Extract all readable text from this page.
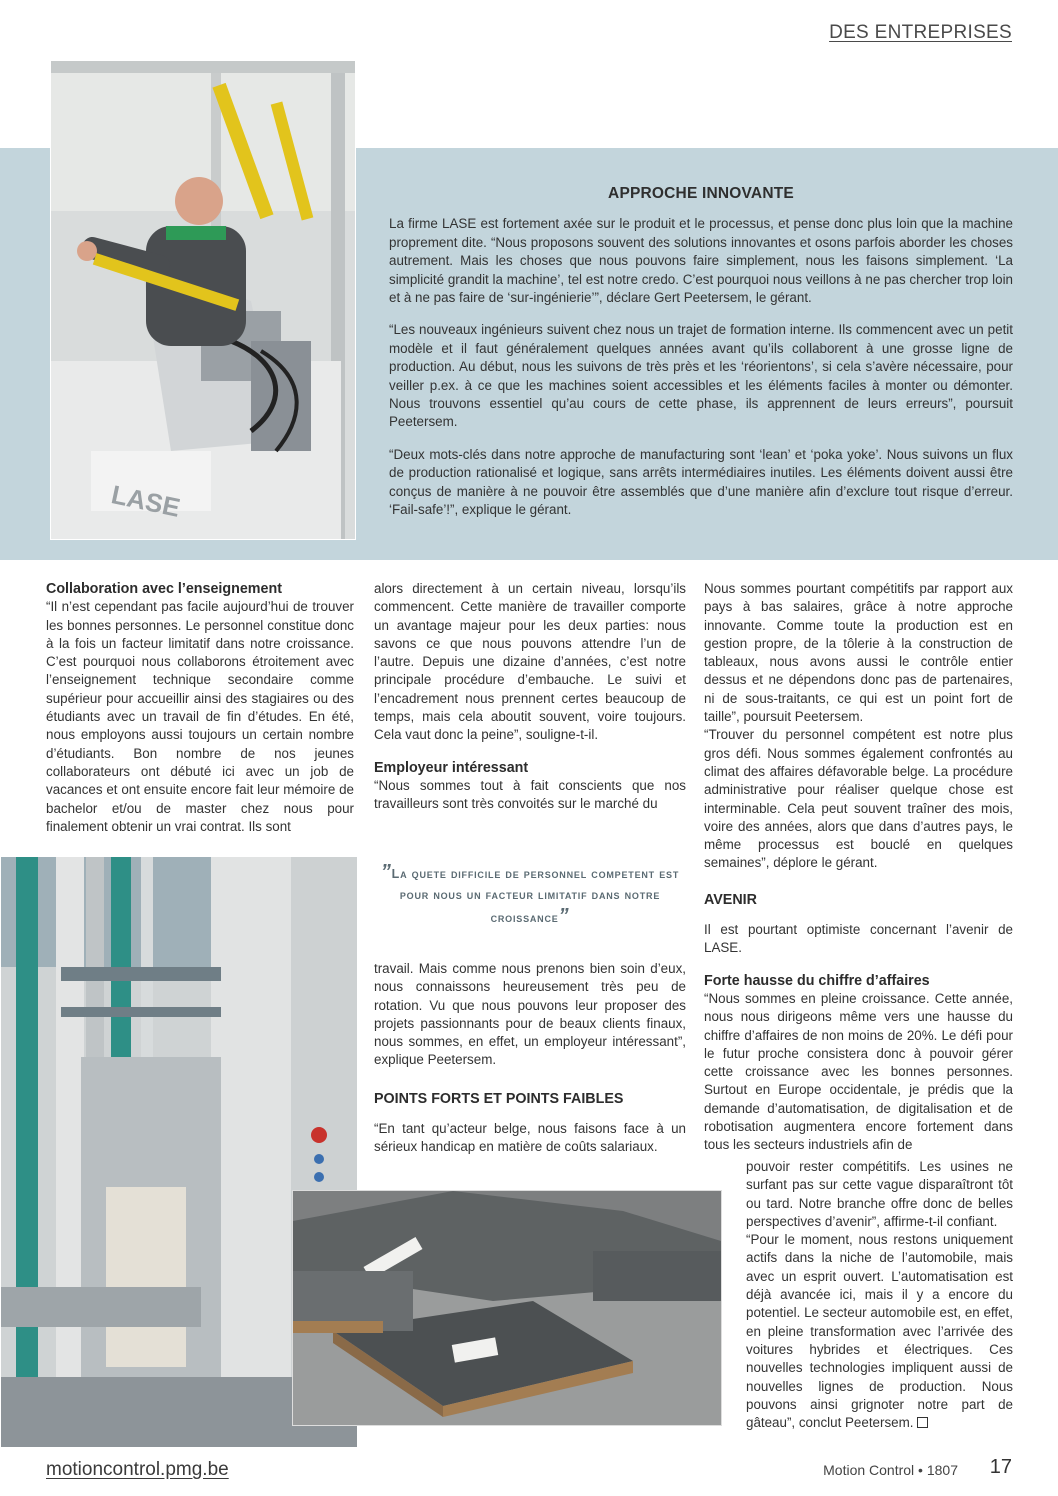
DES ENTREPRISES
LASE
APPROCHE INNOVANTE

La firme LASE est fortement axée sur le produit et le processus, et pense donc plus loin que la machine proprement dite. “Nous proposons souvent des solutions innovantes et osons parfois aborder les choses autrement. Mais les choses que nous pouvons faire simplement, nous les faisons simplement. ‘La simplicité grandit la machine’, tel est notre credo. C’est pourquoi nous veillons à ne pas chercher trop loin et à ne pas faire de ‘sur-ingénierie’”, déclare Gert Peetersem, le gérant.

“Les nouveaux ingénieurs suivent chez nous un trajet de formation interne. Ils commencent avec un petit modèle et il faut généralement quelques années avant qu’ils collaborent à une grosse ligne de production. Au début, nous les suivons de très près et les ‘réorientons’, si cela s’avère nécessaire, pour veiller p.ex. à ce que les machines soient accessibles et les éléments faciles à monter ou démonter. Nous trouvons essentiel qu’au cours de cette phase, ils apprennent de leurs erreurs”, poursuit Peetersem.

“Deux mots-clés dans notre approche de manufacturing sont ‘lean’ et ‘poka yoke’. Nous suivons un flux de production rationalisé et logique, sans arrêts intermédiaires inutiles. Les éléments doivent aussi être conçus de manière à ne pouvoir être assemblés que d’une manière afin d’exclure tout risque d’erreur. ‘Fail-safe’!”, explique le gérant.

Collaboration avec l’enseignement

“Il n’est cependant pas facile aujourd’hui de trouver les bonnes personnes. Le personnel constitue donc à la fois un facteur limitatif dans notre croissance. C’est pourquoi nous collaborons étroitement avec l’enseignement technique secondaire comme supérieur pour accueillir ainsi des stagiaires ou des étudiants avec un travail de fin d’études. En été, nous employons aussi toujours un certain nombre d’étudiants. Bon nombre de nos jeunes collaborateurs ont débuté ici avec un job de vacances et ont ensuite encore fait leur mémoire de bachelor et/ou de master chez nous pour finalement obtenir un vrai contrat. Ils sont

alors directement à un certain niveau, lorsqu’ils commencent. Cette manière de travailler comporte un avantage majeur pour les deux parties: nous savons ce que nous pouvons attendre l’un de l’autre. Depuis une dizaine d’années, c’est notre principale procédure d’embauche. Le suivi et l’encadrement nous prennent certes beaucoup de temps, mais cela aboutit souvent, voire toujours. Cela vaut donc la peine”, souligne-t-il.

Employeur intéressant

“Nous sommes tout à fait conscients que nos travailleurs sont très convoités sur le marché du

”La quete difficile de personnel competent est pour nous un facteur limitatif dans notre croissance”

travail. Mais comme nous prenons bien soin d’eux, nous connaissons heureusement très peu de rotation. Vu que nous pouvons leur proposer des projets passionnants pour de beaux clients finaux, nous sommes, en effet, un employeur intéressant”, explique Peetersem.

POINTS FORTS ET POINTS FAIBLES

“En tant qu’acteur belge, nous faisons face à un sérieux handicap en matière de coûts salariaux.

Nous sommes pourtant compétitifs par rapport aux pays à bas salaires, grâce à notre approche innovante. Comme toute la production est en gestion propre, de la tôlerie à la construction de tableaux, nous avons aussi le contrôle entier dessus et ne dépendons donc pas de partenaires, ni de sous-traitants, ce qui est un point fort de taille”, poursuit Peetersem.

“Trouver du personnel compétent est notre plus gros défi. Nous sommes également confrontés au climat des affaires défavorable belge. La procédure administrative pour réaliser quelque chose est interminable. Cela peut souvent traîner des mois, voire des années, alors que dans d’autres pays, le même processus est bouclé en quelques semaines”, déplore le gérant.

AVENIR

Il est pourtant optimiste concernant l’avenir de LASE.

Forte hausse du chiffre d’affaires

“Nous sommes en pleine croissance. Cette année, nous nous dirigeons même vers une hausse du chiffre d’affaires de non moins de 20%. Le défi pour le futur proche consistera donc à pouvoir gérer cette croissance avec les bonnes personnes. Surtout en Europe occidentale, je prédis que la demande d’automatisation, de digitalisation et de robotisation augmentera encore fortement dans tous les secteurs industriels afin de

pouvoir rester compétitifs. Les usines ne surfant pas sur cette vague disparaîtront tôt ou tard. Notre branche offre donc de belles perspectives d’avenir”, affirme-t-il confiant.

“Pour le moment, nous restons uniquement actifs dans la niche de l’automobile, mais avec un esprit ouvert. L’automatisation est déjà avancée ici, mais il y a encore du potentiel. Le secteur automobile est, en effet, en pleine transformation avec l’arrivée des voitures hybrides et électriques. Ces nouvelles technologies impliquent aussi de nouvelles lignes de production. Nous pouvons ainsi grignoter notre part de gâteau”, conclut Peetersem.

motioncontrol.pmg.be	Motion Control • 1807 17
